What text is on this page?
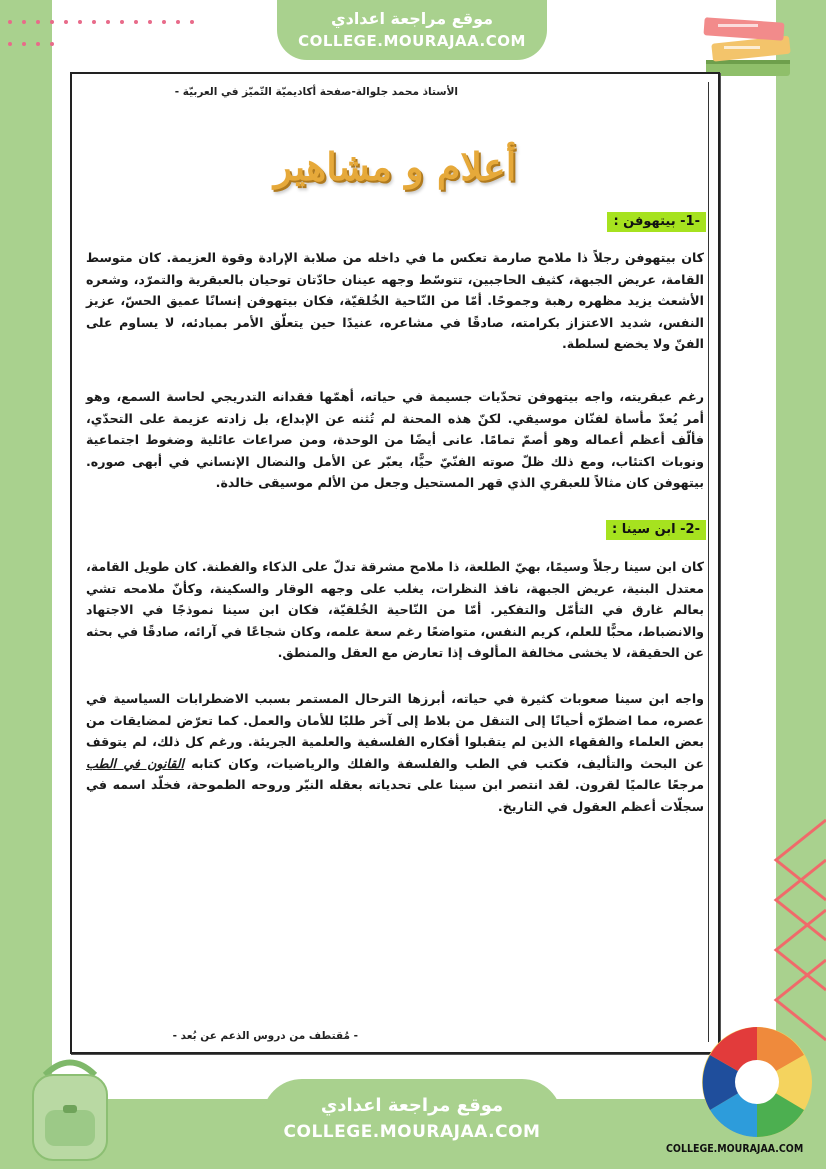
موقع مراجعة اعدادي
COLLEGE.MOURAJAA.COM
الأستاذ محمد جلوالة-صفحة أكاديميّة التّميّز في العربيّة -
أعلام و مشاهير
-1- بيتهوفن :
كان بيتهوفن رجلاً ذا ملامح صارمة تعكس ما في داخله من صلابة الإرادة وقوة العزيمة. كان متوسط القامة، عريض الجبهة، كثيف الحاجبين، تتوسّط وجهه عينان حادّتان توحيان بالعبقرية والتمرّد، وشعره الأشعث يزيد مظهره رهبة وجموحًا. أمّا من النّاحية الخُلقيّة، فكان بيتهوفن إنسانًا عميق الحسّ، عزيز النفس، شديد الاعتزاز بكرامته، صادقًا في مشاعره، عنيدًا حين يتعلّق الأمر بمبادئه، لا يساوم على الفنّ ولا يخضع لسلطة.
رغم عبقريته، واجه بيتهوفن تحدّيات جسيمة في حياته، أهمّها فقدانه التدريجي لحاسة السمع، وهو أمر يُعدّ مأساة لفنّان موسيقي. لكنّ هذه المحنة لم تُثنه عن الإبداع، بل زادته عزيمة على التحدّي، فألّف أعظم أعماله وهو أصمّ تمامًا. عانى أيضًا من الوحدة، ومن صراعات عائلية وضغوط اجتماعية ونوبات اكتئاب، ومع ذلك ظلّ صوته الفنّيّ حيًّا، يعبّر عن الأمل والنضال الإنساني في أبهى صوره. بيتهوفن كان مثالاً للعبقري الذي قهر المستحيل وجعل من الألم موسيقى خالدة.
-2- ابن سينا :
كان ابن سينا رجلاً وسيمًا، بهيّ الطلعة، ذا ملامح مشرقة تدلّ على الذكاء والفطنة. كان طويل القامة، معتدل البنية، عريض الجبهة، نافذ النظرات، يغلب على وجهه الوقار والسكينة، وكأنّ ملامحه تشي بعالم غارق في التأمّل والتفكير. أمّا من النّاحية الخُلقيّة، فكان ابن سينا نموذجًا في الاجتهاد والانضباط، محبًّا للعلم، كريم النفس، متواضعًا رغم سعة علمه، وكان شجاعًا في آرائه، صادقًا في بحثه عن الحقيقة، لا يخشى مخالفة المألوف إذا تعارض مع العقل والمنطق.
واجه ابن سينا صعوبات كثيرة في حياته، أبرزها الترحال المستمر بسبب الاضطرابات السياسية في عصره، مما اضطرّه أحيانًا إلى التنقل من بلاط إلى آخر طلبًا للأمان والعمل. كما تعرّض لمضايقات من بعض العلماء والفقهاء الذين لم يتقبلوا أفكاره الفلسفية والعلمية الجريئة. ورغم كل ذلك، لم يتوقف عن البحث والتأليف، فكتب في الطب والفلسفة والفلك والرياضيات، وكان كتابه القانون في الطب مرجعًا عالميًا لقرون. لقد انتصر ابن سينا على تحدياته بعقله النيّر وروحه الطموحة، فخلّد اسمه في سجلّات أعظم العقول في التاريخ.
- مُقتطف من دروس الذعم عن بُعد -
موقع مراجعة اعدادي
COLLEGE.MOURAJAA.COM
COLLEGE.MOURAJAA.COM
